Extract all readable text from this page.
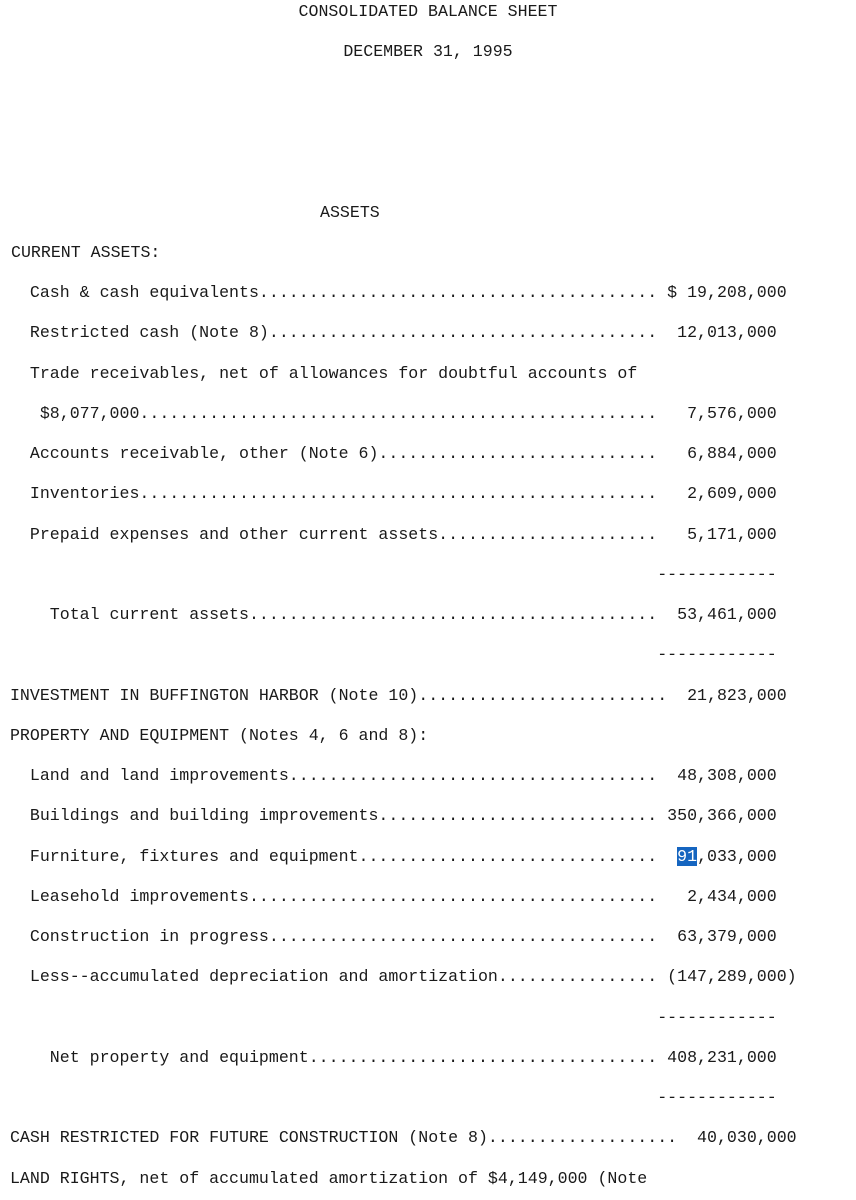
CONSOLIDATED BALANCE SHEET
DECEMBER 31, 1995
ASSETS
CURRENT ASSETS:
Cash & cash equivalents........................................ $ 19,208,000
Restricted cash (Note 8).......................................  12,013,000
Trade receivables, net of allowances for doubtful accounts of
$8,077,000....................................................   7,576,000
Accounts receivable, other (Note 6)............................   6,884,000
Inventories....................................................   2,609,000
Prepaid expenses and other current assets......................   5,171,000
------------
Total current assets.........................................  53,461,000
------------
INVESTMENT IN BUFFINGTON HARBOR (Note 10).........................  21,823,000
PROPERTY AND EQUIPMENT (Notes 4, 6 and 8):
Land and land improvements.....................................  48,308,000
Buildings and building improvements............................ 350,366,000
Furniture, fixtures and equipment..............................  91,033,000
Leasehold improvements.........................................   2,434,000
Construction in progress.......................................  63,379,000
Less--accumulated depreciation and amortization................ (147,289,000)
------------
Net property and equipment................................... 408,231,000
------------
CASH RESTRICTED FOR FUTURE CONSTRUCTION (Note 8)...................  40,030,000
LAND RIGHTS, net of accumulated amortization of $4,149,000 (Note
